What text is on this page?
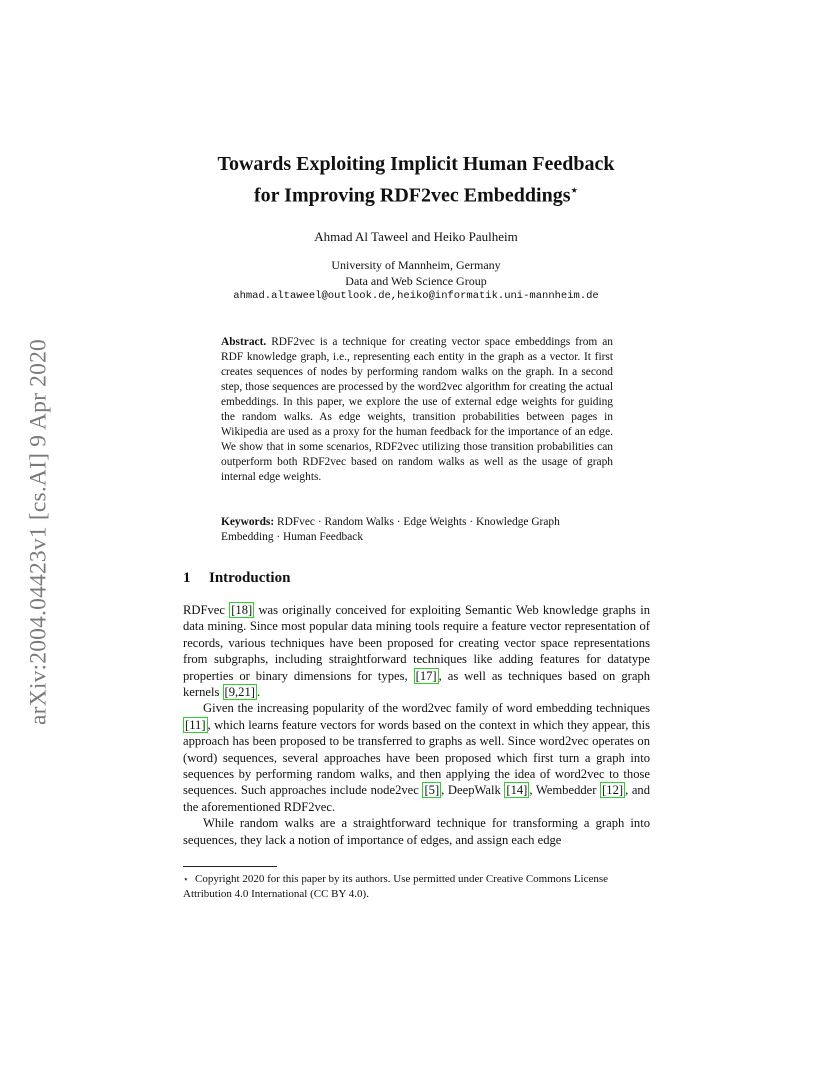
arXiv:2004.04423v1 [cs.AI] 9 Apr 2020
Towards Exploiting Implicit Human Feedback
for Improving RDF2vec Embeddings⋆
Ahmad Al Taweel and Heiko Paulheim
University of Mannheim, Germany
Data and Web Science Group
ahmad.altaweel@outlook.de,heiko@informatik.uni-mannheim.de
Abstract. RDF2vec is a technique for creating vector space embeddings from an RDF knowledge graph, i.e., representing each entity in the graph as a vector. It first creates sequences of nodes by performing random walks on the graph. In a second step, those sequences are processed by the word2vec algorithm for creating the actual embeddings. In this paper, we explore the use of external edge weights for guiding the random walks. As edge weights, transition probabilities between pages in Wikipedia are used as a proxy for the human feedback for the importance of an edge. We show that in some scenarios, RDF2vec utilizing those transition probabilities can outperform both RDF2vec based on random walks as well as the usage of graph internal edge weights.
Keywords: RDFvec · Random Walks · Edge Weights · Knowledge Graph Embedding · Human Feedback
1 Introduction

RDFvec [18] was originally conceived for exploiting Semantic Web knowledge graphs in data mining. Since most popular data mining tools require a feature vector representation of records, various techniques have been proposed for creating vector space representations from subgraphs, including straightforward techniques like adding features for datatype properties or binary dimensions for types, [17] , as well as techniques based on graph kernels [9,21] .

Given the increasing popularity of the word2vec family of word embedding techniques [11] , which learns feature vectors for words based on the context in which they appear, this approach has been proposed to be transferred to graphs as well. Since word2vec operates on (word) sequences, several approaches have been proposed which first turn a graph into sequences by performing random walks, and then applying the idea of word2vec to those sequences. Such approaches include node2vec [5] , DeepWalk [14] , Wembedder [12] , and the aforementioned RDF2vec.

While random walks are a straightforward technique for transforming a graph into sequences, they lack a notion of importance of edges, and assign each edge

⋆ Copyright 2020 for this paper by its authors. Use permitted under Creative Commons License Attribution 4.0 International (CC BY 4.0).
